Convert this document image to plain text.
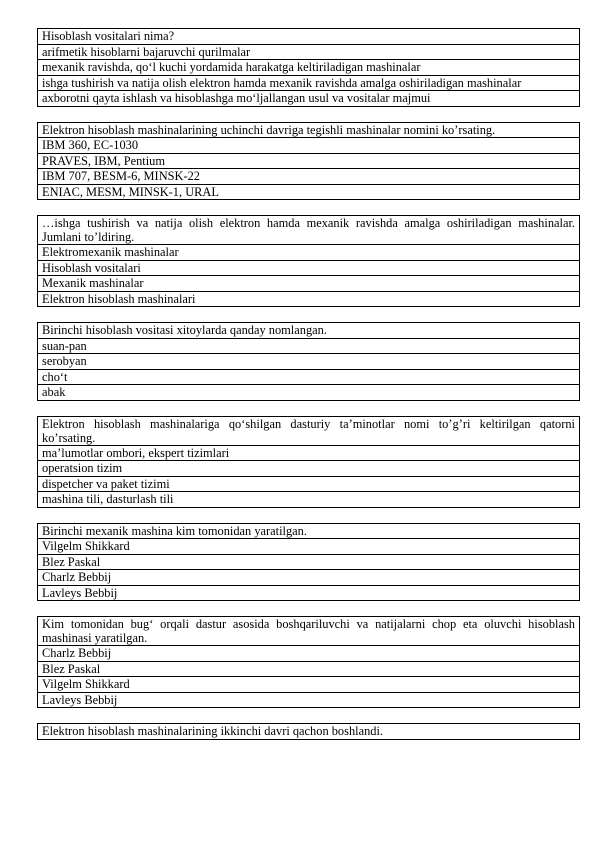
Hisoblash vositalari nima?
arifmetik hisoblarni bajaruvchi qurilmalar
mexanik ravishda, qo‘l kuchi yordamida harakatga keltiriladigan mashinalar
ishga tushirish va natija olish elektron hamda mexanik ravishda amalga oshiriladigan mashinalar
axborotni qayta ishlash va hisoblashga mo‘ljallangan usul va vositalar majmui
Elektron hisoblash mashinalarining uchinchi davriga tegishli mashinalar nomini ko’rsating.
IBM 360, EC-1030
PRAVES, IBM, Pentium
IBM 707, BESM-6, MINSK-22
ENIAC, MESM, MINSK-1, URAL
…ishga tushirish va natija olish elektron hamda mexanik ravishda amalga oshiriladigan mashinalar. Jumlani to’ldiring.
Elektromexanik mashinalar
Hisoblash vositalari
Mexanik mashinalar
Elektron hisoblash mashinalari
Birinchi hisoblash vositasi xitoylarda qanday nomlangan.
suan-pan
serobyan
cho‘t
abak
Elektron hisoblash mashinalariga qo‘shilgan dasturiy ta’minotlar nomi to’g’ri keltirilgan qatorni ko’rsating.
ma’lumotlar ombori, ekspert tizimlari
operatsion tizim
dispetcher va paket tizimi
mashina tili, dasturlash tili
Birinchi mexanik mashina kim tomonidan yaratilgan.
Vilgelm Shikkard
Blez Paskal
Charlz Bebbij
Lavleys Bebbij
Kim tomonidan bug‘ orqali dastur asosida boshqariluvchi va natijalarni chop eta oluvchi hisoblash mashinasi yaratilgan.
Charlz Bebbij
Blez Paskal
Vilgelm Shikkard
Lavleys Bebbij
Elektron hisoblash mashinalarining ikkinchi davri qachon boshlandi.
